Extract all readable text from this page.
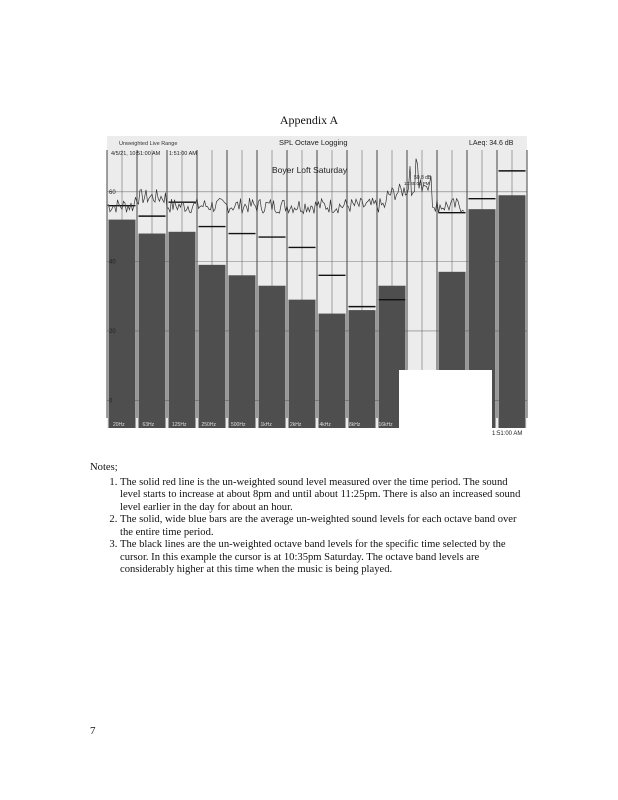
Appendix A
60
40
20
0
20Hz	63Hz	125Hz	250Hz	500Hz	1kHz	2kHz	4kHz	8kHz	16kHz
Unweighted Live Range
4/5/21, 10:51:00 AM 1:51:00 AM
SPL Octave Logging	LAeq: 34.6 dB
Boyer Loft Saturday
50.8 dB
10:35:00 PM
1:51:00 AM
Notes;
1. The solid red line is the un-weighted sound level measured over the time period. The sound level starts to increase at about 8pm and until about 11:25pm. There is also an increased sound level earlier in the day for about an hour.
2. The solid, wide blue bars are the average un-weighted sound levels for each octave band over the entire time period.
3. The black lines are the un-weighted octave band levels for the specific time selected by the cursor. In this example the cursor is at 10:35pm Saturday. The octave band levels are considerably higher at this time when the music is being played.
7
